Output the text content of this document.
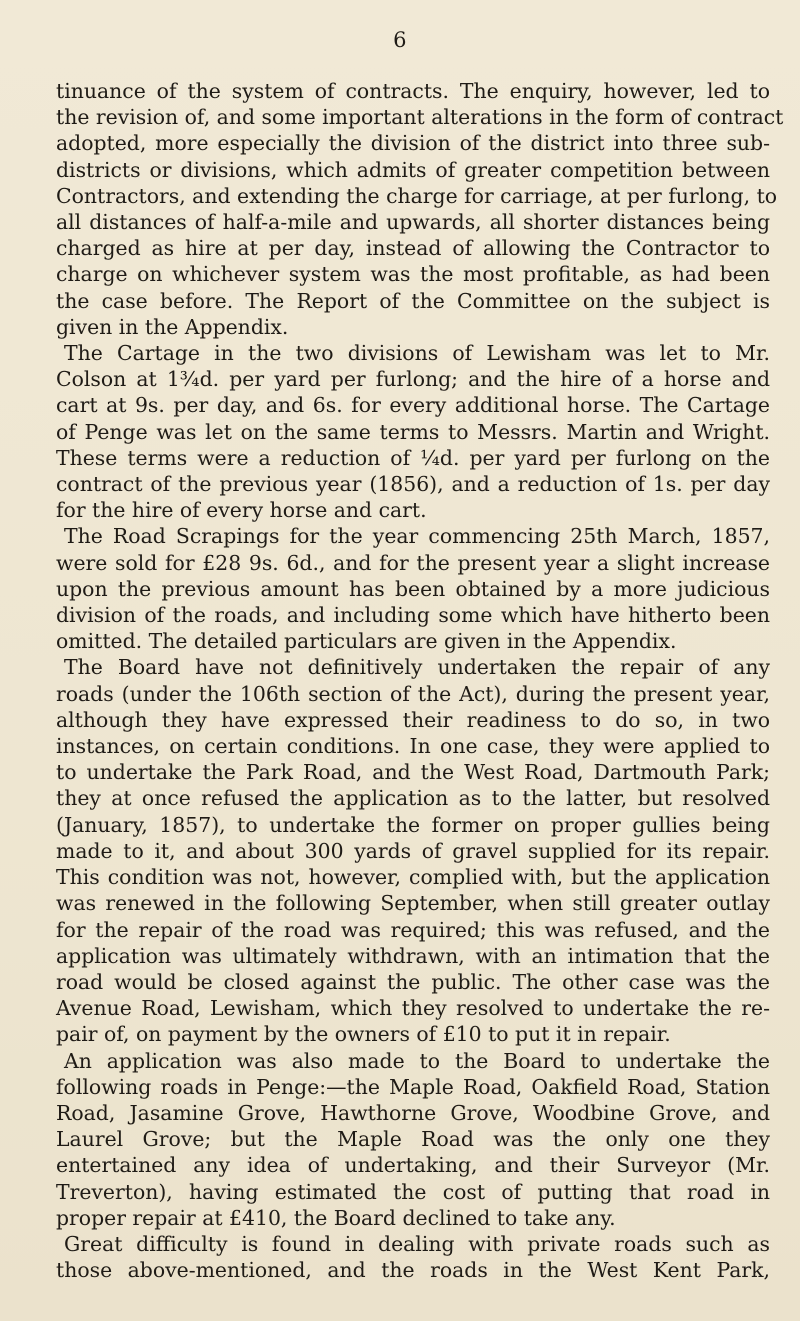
6

tinuance of the system of contracts. The enquiry, however, led to
the revision of, and some important alterations in the form of contract
adopted, more especially the division of the district into three sub-
districts or divisions, which admits of greater competition between
Contractors, and extending the charge for carriage, at per furlong, to
all distances of half-a-mile and upwards, all shorter distances being
charged as hire at per day, instead of allowing the Contractor to
charge on whichever system was the most profitable, as had been
the case before. The Report of the Committee on the subject is
given in the Appendix.

The Cartage in the two divisions of Lewisham was let to Mr.
Colson at 1¾d. per yard per furlong; and the hire of a horse and
cart at 9s. per day, and 6s. for every additional horse. The Cartage
of Penge was let on the same terms to Messrs. Martin and Wright.
These terms were a reduction of ¼d. per yard per furlong on the
contract of the previous year (1856), and a reduction of 1s. per day
for the hire of every horse and cart.

The Road Scrapings for the year commencing 25th March, 1857,
were sold for £28 9s. 6d., and for the present year a slight increase
upon the previous amount has been obtained by a more judicious
division of the roads, and including some which have hitherto been
omitted. The detailed particulars are given in the Appendix.

The Board have not definitively undertaken the repair of any
roads (under the 106th section of the Act), during the present year,
although they have expressed their readiness to do so, in two
instances, on certain conditions. In one case, they were applied to
to undertake the Park Road, and the West Road, Dartmouth Park;
they at once refused the application as to the latter, but resolved
(January, 1857), to undertake the former on proper gullies being
made to it, and about 300 yards of gravel supplied for its repair.
This condition was not, however, complied with, but the application
was renewed in the following September, when still greater outlay
for the repair of the road was required; this was refused, and the
application was ultimately withdrawn, with an intimation that the
road would be closed against the public. The other case was the
Avenue Road, Lewisham, which they resolved to undertake the re-
pair of, on payment by the owners of £10 to put it in repair.

An application was also made to the Board to undertake the
following roads in Penge:—the Maple Road, Oakfield Road, Station
Road, Jasamine Grove, Hawthorne Grove, Woodbine Grove, and
Laurel Grove; but the Maple Road was the only one they
entertained any idea of undertaking, and their Surveyor (Mr.
Treverton), having estimated the cost of putting that road in
proper repair at £410, the Board declined to take any.

Great difficulty is found in dealing with private roads such as
those above-mentioned, and the roads in the West Kent Park,
